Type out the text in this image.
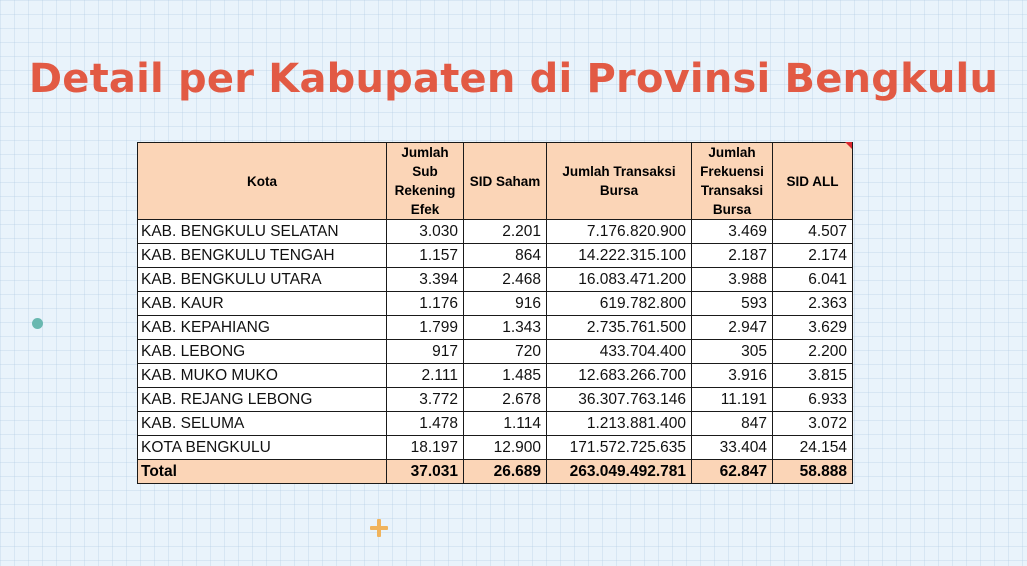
Detail per Kabupaten di Provinsi Bengkulu
Kota	Jumlah Sub Rekening Efek	SID Saham	Jumlah Transaksi Bursa	Jumlah Frekuensi Transaksi Bursa	SID ALL
KAB. BENGKULU SELATAN	3.030	2.201	7.176.820.900	3.469	4.507
KAB. BENGKULU TENGAH	1.157	864	14.222.315.100	2.187	2.174
KAB. BENGKULU UTARA	3.394	2.468	16.083.471.200	3.988	6.041
KAB. KAUR	1.176	916	619.782.800	593	2.363
KAB. KEPAHIANG	1.799	1.343	2.735.761.500	2.947	3.629
KAB. LEBONG	917	720	433.704.400	305	2.200
KAB. MUKO MUKO	2.111	1.485	12.683.266.700	3.916	3.815
KAB. REJANG LEBONG	3.772	2.678	36.307.763.146	11.191	6.933
KAB. SELUMA	1.478	1.114	1.213.881.400	847	3.072
KOTA BENGKULU	18.197	12.900	171.572.725.635	33.404	24.154
Total	37.031	26.689	263.049.492.781	62.847	58.888
